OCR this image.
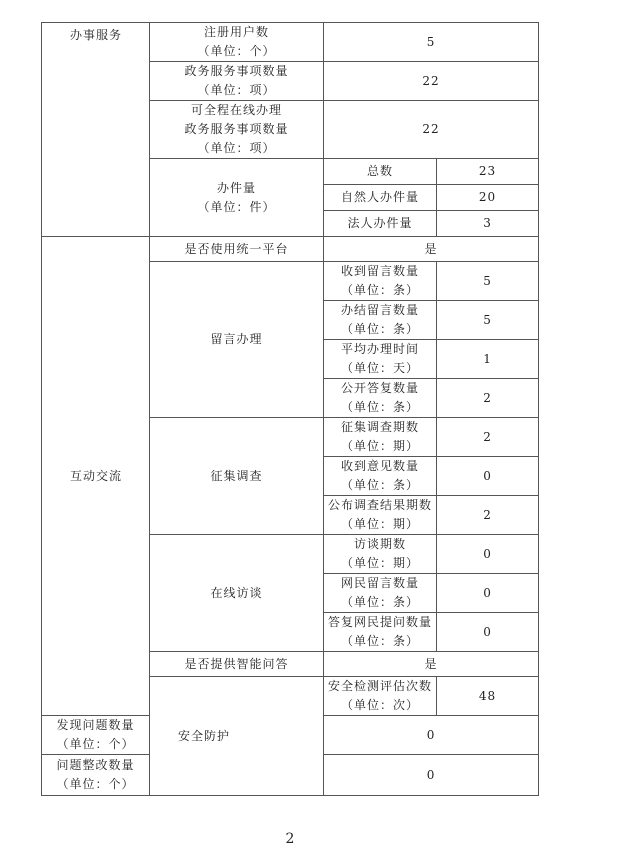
办事服务	注册用户数
（单位：个）	5	

	政务服务事项数量
（单位：项）	22	

	可全程在线办理
政务服务事项数量
（单位：项）	22	

	办件量
（单位：件）	总数	23
		自然人办件量	20
		法人办件量	3
互动交流	是否使用统一平台	是	
	留言办理	收到留言数量
（单位：条）	5

		办结留言数量
（单位：条）	5

		平均办理时间
（单位：天）	1

		公开答复数量
（单位：条）	2
	征集调查	征集调查期数
（单位：期）	2

		收到意见数量
（单位：条）	0

		公布调查结果期数
（单位：期）	2
	在线访谈	访谈期数
（单位：期）	0

		网民留言数量
（单位：条）	0

		答复网民提问数量
（单位：条）	0
	是否提供智能问答	是	
	安全防护	安全检测评估次数
（单位：次）	48

发现问题数量
（单位：个）		0	

问题整改数量
（单位：个）		0	
2
